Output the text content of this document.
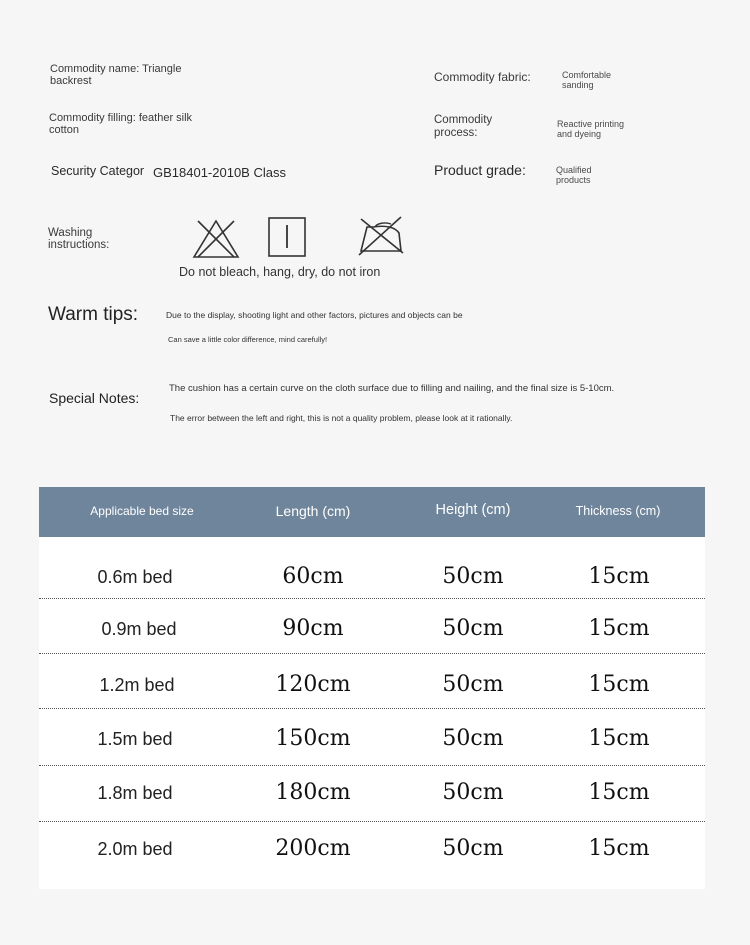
Commodity name: Triangle
backrest
Commodity filling: feather silk
cotton
Security Categor GB18401-2010B Class
Commodity fabric:	Comfortable
sanding
Commodity
process:
Reactive printing
and dyeing
Product grade:	Qualified
products
Washing
instructions:
Do not bleach, hang, dry, do not iron
Warm tips:	Due to the display, shooting light and other factors, pictures and objects can be
Can save a little color difference, mind carefully!
Special Notes:
The cushion has a certain curve on the cloth surface due to filling and nailing, and the final size is 5-10cm.
The error between the left and right, this is not a quality problem, please look at it rationally.
Applicable bed size	Length (cm)	Height (cm)	Thickness (cm)
0.6m bed	60cm	50cm	15cm
0.9m bed	90cm	50cm	15cm
1.2m bed	120cm	50cm	15cm
1.5m bed	150cm	50cm	15cm
1.8m bed	180cm	50cm	15cm
2.0m bed	200cm	50cm	15cm
